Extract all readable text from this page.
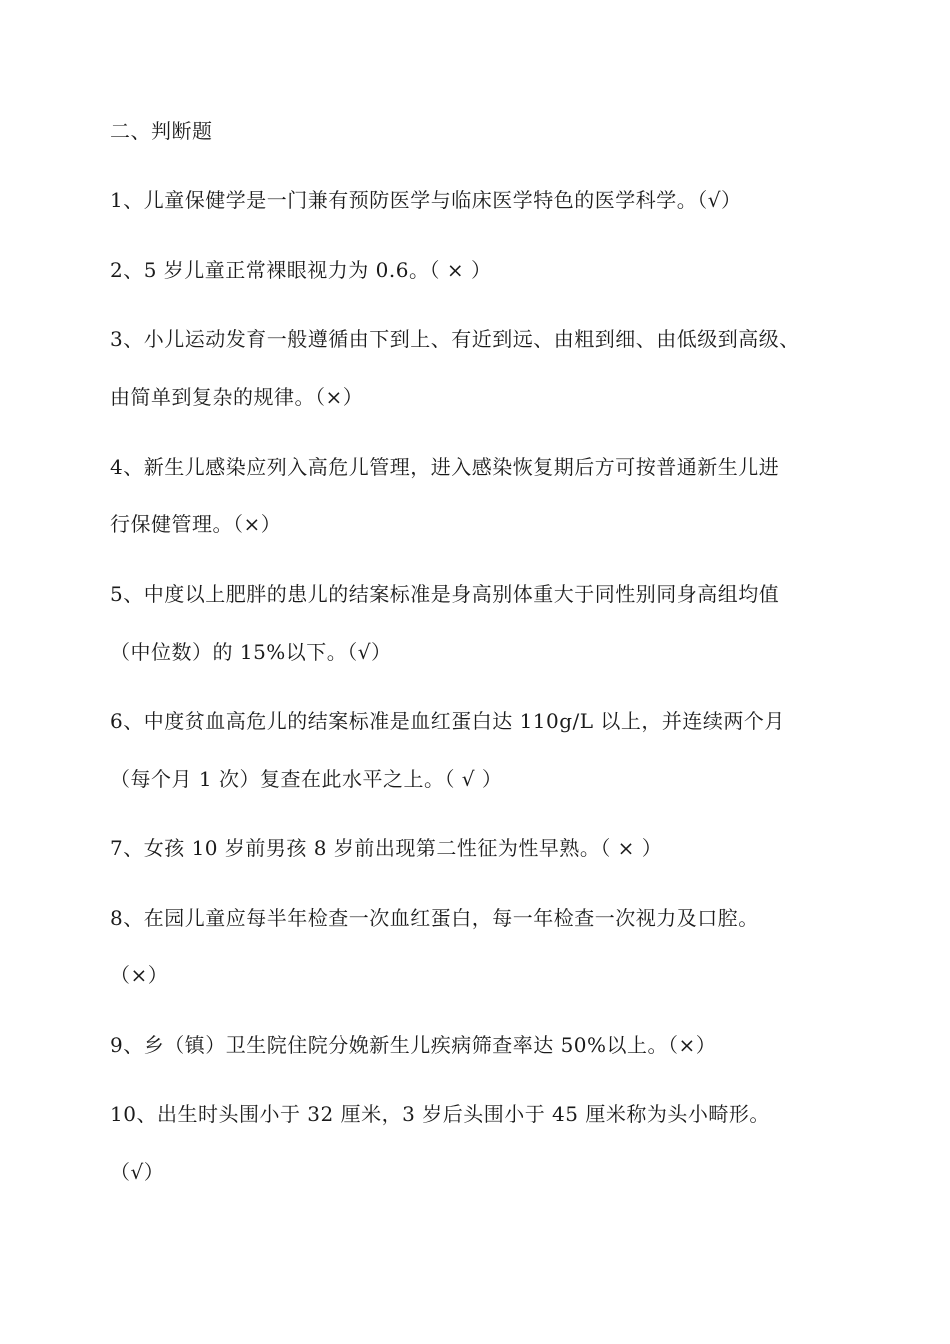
二、判断题
1、儿童保健学是一门兼有预防医学与临床医学特色的医学科学。（√）
2、5 岁儿童正常裸眼视力为 0.6。（ × ）
3、小儿运动发育一般遵循由下到上、有近到远、由粗到细、由低级到高级、
由简单到复杂的规律。（×）
4、新生儿感染应列入高危儿管理，进入感染恢复期后方可按普通新生儿进
行保健管理。（×）
5、中度以上肥胖的患儿的结案标准是身高别体重大于同性别同身高组均值
（中位数）的 15%以下。（√）
6、中度贫血高危儿的结案标准是血红蛋白达 110g/L 以上，并连续两个月
（每个月 1 次）复查在此水平之上。（ √ ）
7、女孩 10 岁前男孩 8 岁前出现第二性征为性早熟。（ × ）
8、在园儿童应每半年检查一次血红蛋白，每一年检查一次视力及口腔。
（×）
9、乡（镇）卫生院住院分娩新生儿疾病筛查率达 50%以上。（×）
10、出生时头围小于 32 厘米，3 岁后头围小于 45 厘米称为头小畸形。
（√）
